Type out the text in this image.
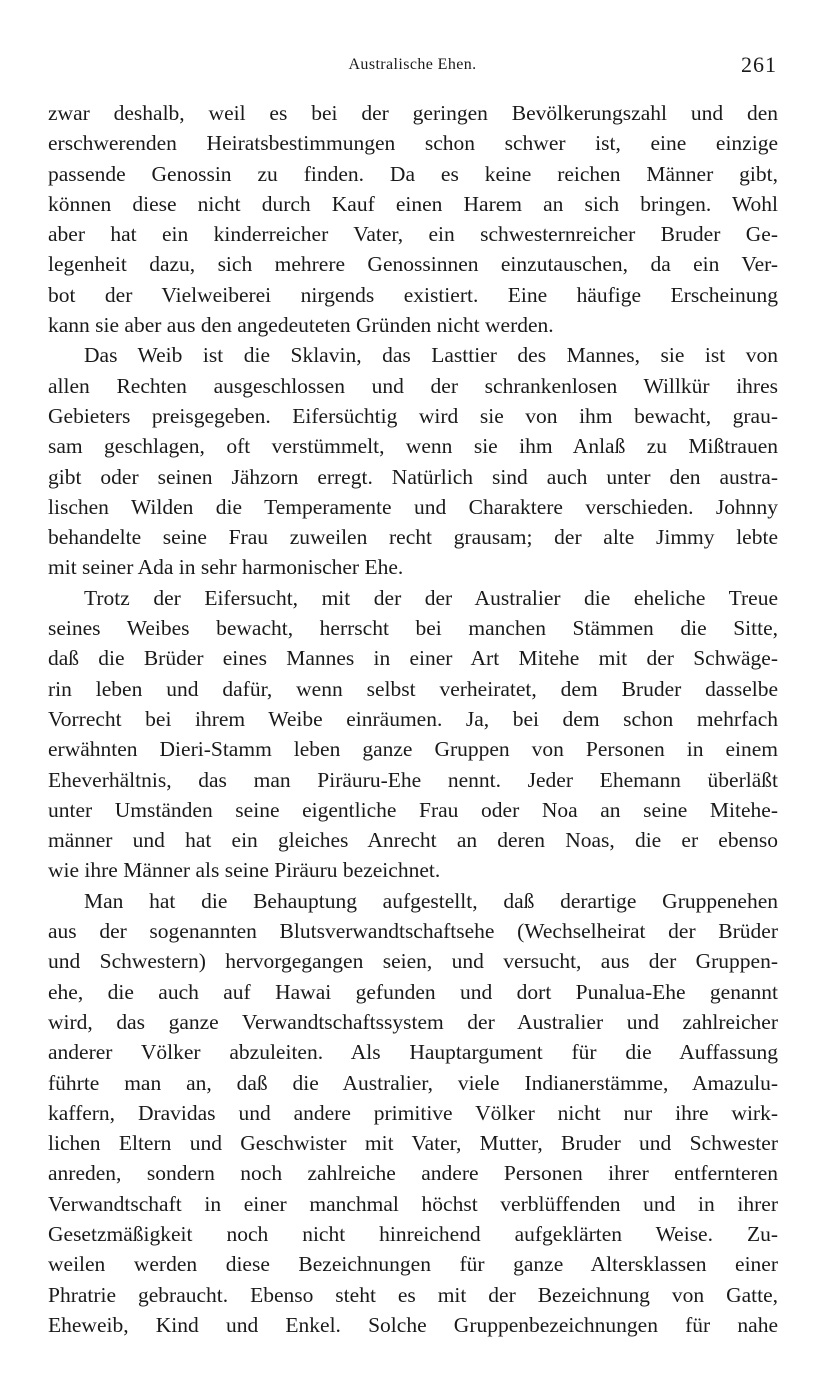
Australische Ehen.	261

zwar deshalb, weil es bei der geringen Bevölkerungszahl und den
erschwerenden Heiratsbestimmungen schon schwer ist, eine einzige
passende Genossin zu finden. Da es keine reichen Männer gibt,
können diese nicht durch Kauf einen Harem an sich bringen. Wohl
aber hat ein kinderreicher Vater, ein schwesternreicher Bruder Ge-
legenheit dazu, sich mehrere Genossinnen einzutauschen, da ein Ver-
bot der Vielweiberei nirgends existiert. Eine häufige Erscheinung
kann sie aber aus den angedeuteten Gründen nicht werden.

Das Weib ist die Sklavin, das Lasttier des Mannes, sie ist von
allen Rechten ausgeschlossen und der schrankenlosen Willkür ihres
Gebieters preisgegeben. Eifersüchtig wird sie von ihm bewacht, grau-
sam geschlagen, oft verstümmelt, wenn sie ihm Anlaß zu Mißtrauen
gibt oder seinen Jähzorn erregt. Natürlich sind auch unter den austra-
lischen Wilden die Temperamente und Charaktere verschieden. Johnny
behandelte seine Frau zuweilen recht grausam; der alte Jimmy lebte
mit seiner Ada in sehr harmonischer Ehe.

Trotz der Eifersucht, mit der der Australier die eheliche Treue
seines Weibes bewacht, herrscht bei manchen Stämmen die Sitte,
daß die Brüder eines Mannes in einer Art Mitehe mit der Schwäge-
rin leben und dafür, wenn selbst verheiratet, dem Bruder dasselbe
Vorrecht bei ihrem Weibe einräumen. Ja, bei dem schon mehrfach
erwähnten Dieri-Stamm leben ganze Gruppen von Personen in einem
Eheverhältnis, das man Piräuru-Ehe nennt. Jeder Ehemann überläßt
unter Umständen seine eigentliche Frau oder Noa an seine Mitehe-
männer und hat ein gleiches Anrecht an deren Noas, die er ebenso
wie ihre Männer als seine Piräuru bezeichnet.

Man hat die Behauptung aufgestellt, daß derartige Gruppenehen
aus der sogenannten Blutsverwandtschaftsehe (Wechselheirat der Brüder
und Schwestern) hervorgegangen seien, und versucht, aus der Gruppen-
ehe, die auch auf Hawai gefunden und dort Punalua-Ehe genannt
wird, das ganze Verwandtschaftssystem der Australier und zahlreicher
anderer Völker abzuleiten. Als Hauptargument für die Auffassung
führte man an, daß die Australier, viele Indianerstämme, Amazulu-
kaffern, Dravidas und andere primitive Völker nicht nur ihre wirk-
lichen Eltern und Geschwister mit Vater, Mutter, Bruder und Schwester
anreden, sondern noch zahlreiche andere Personen ihrer entfernteren
Verwandtschaft in einer manchmal höchst verblüffenden und in ihrer
Gesetzmäßigkeit noch nicht hinreichend aufgeklärten Weise. Zu-
weilen werden diese Bezeichnungen für ganze Altersklassen einer
Phratrie gebraucht. Ebenso steht es mit der Bezeichnung von Gatte,
Eheweib, Kind und Enkel. Solche Gruppenbezeichnungen für nahe
